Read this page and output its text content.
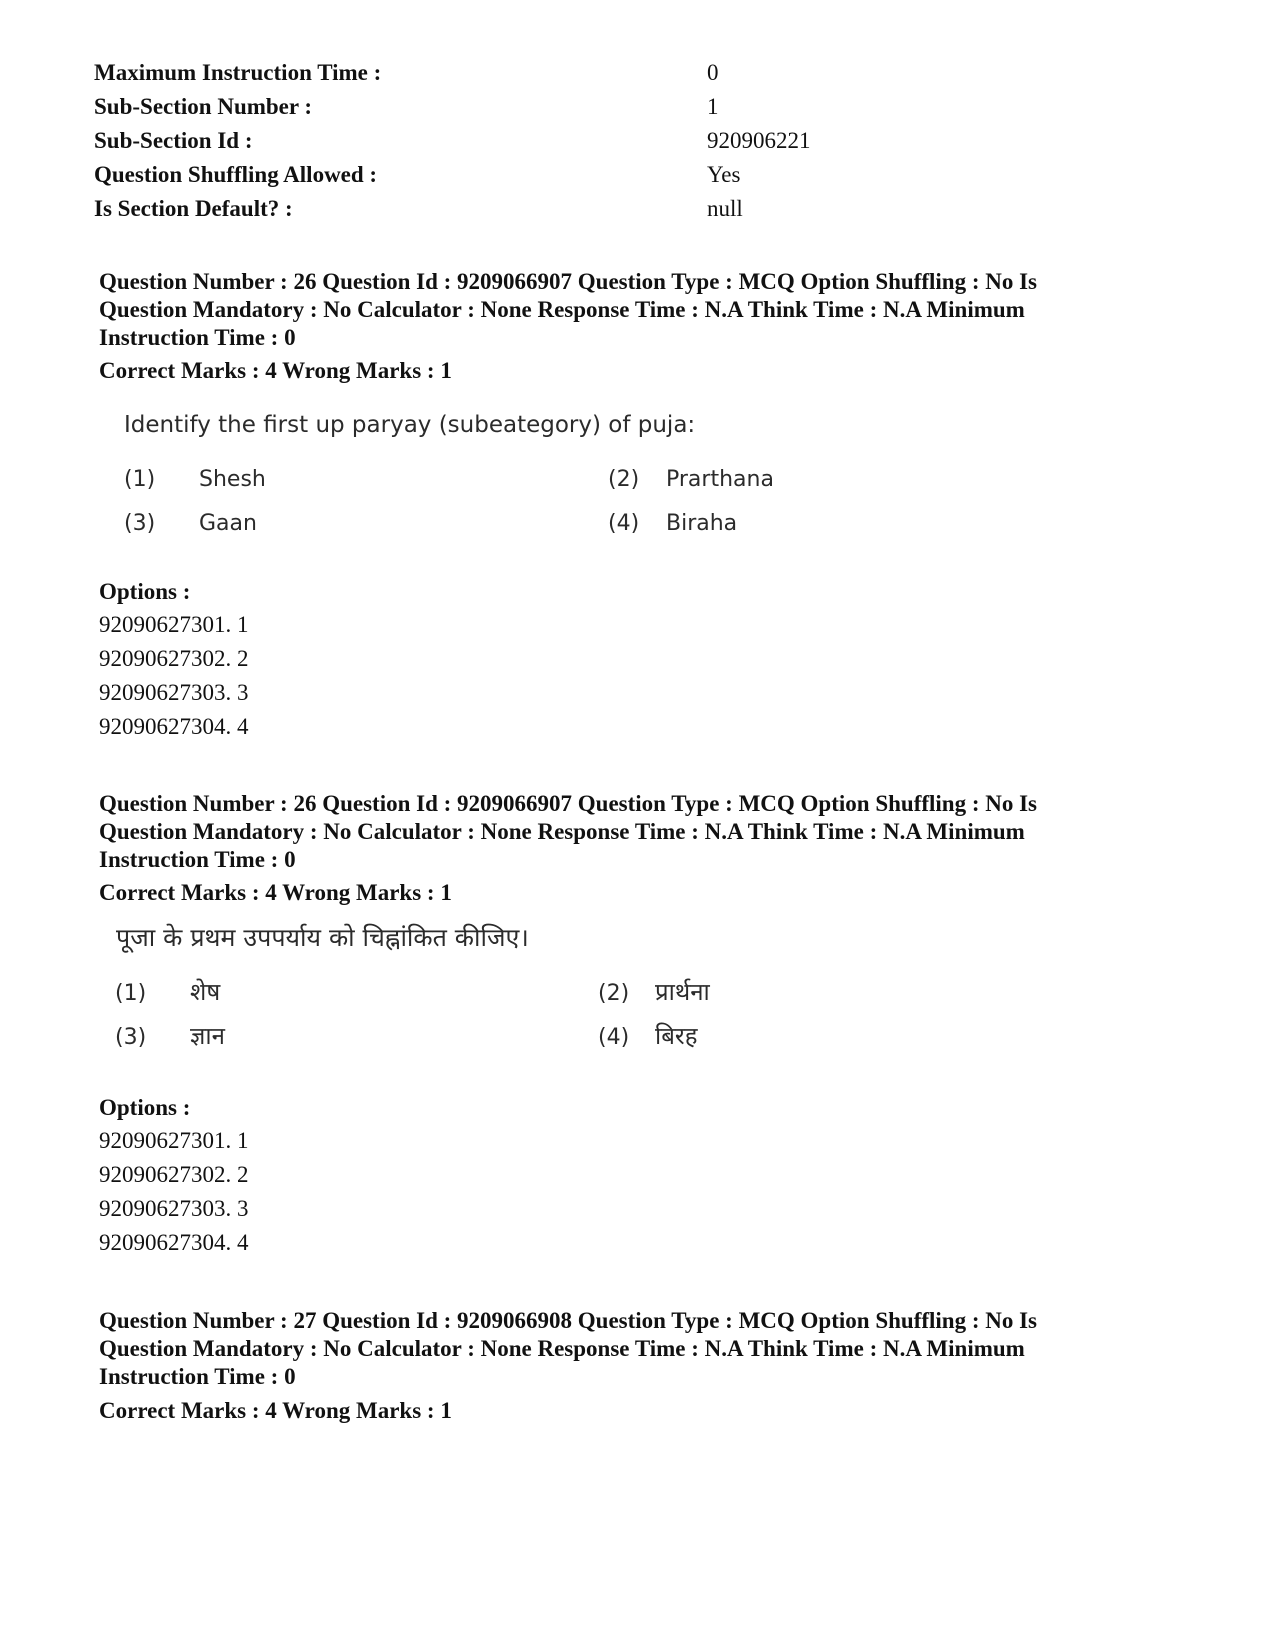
Maximum Instruction Time :	0
Sub-Section Number :	1
Sub-Section Id :	920906221
Question Shuffling Allowed :	Yes
Is Section Default? :	null
Question Number : 26 Question Id : 9209066907 Question Type : MCQ Option Shuffling : No Is
Question Mandatory : No Calculator : None Response Time : N.A Think Time : N.A Minimum
Instruction Time : 0
Correct Marks : 4 Wrong Marks : 1
Identify the first up paryay (subeategory) of puja:
(1) Shesh	(2) Prarthana
(3) Gaan	(4) Biraha
Options :
92090627301. 1
92090627302. 2
92090627303. 3
92090627304. 4
Question Number : 26 Question Id : 9209066907 Question Type : MCQ Option Shuffling : No Is
Question Mandatory : No Calculator : None Response Time : N.A Think Time : N.A Minimum
Instruction Time : 0
Correct Marks : 4 Wrong Marks : 1
पूजा के प्रथम उपपर्याय को चिह्नांकित कीजिए।
(1) शेष	(2) प्रार्थना
(3) ज्ञान	(4) बिरह
Options :
92090627301. 1
92090627302. 2
92090627303. 3
92090627304. 4
Question Number : 27 Question Id : 9209066908 Question Type : MCQ Option Shuffling : No Is
Question Mandatory : No Calculator : None Response Time : N.A Think Time : N.A Minimum
Instruction Time : 0
Correct Marks : 4 Wrong Marks : 1
